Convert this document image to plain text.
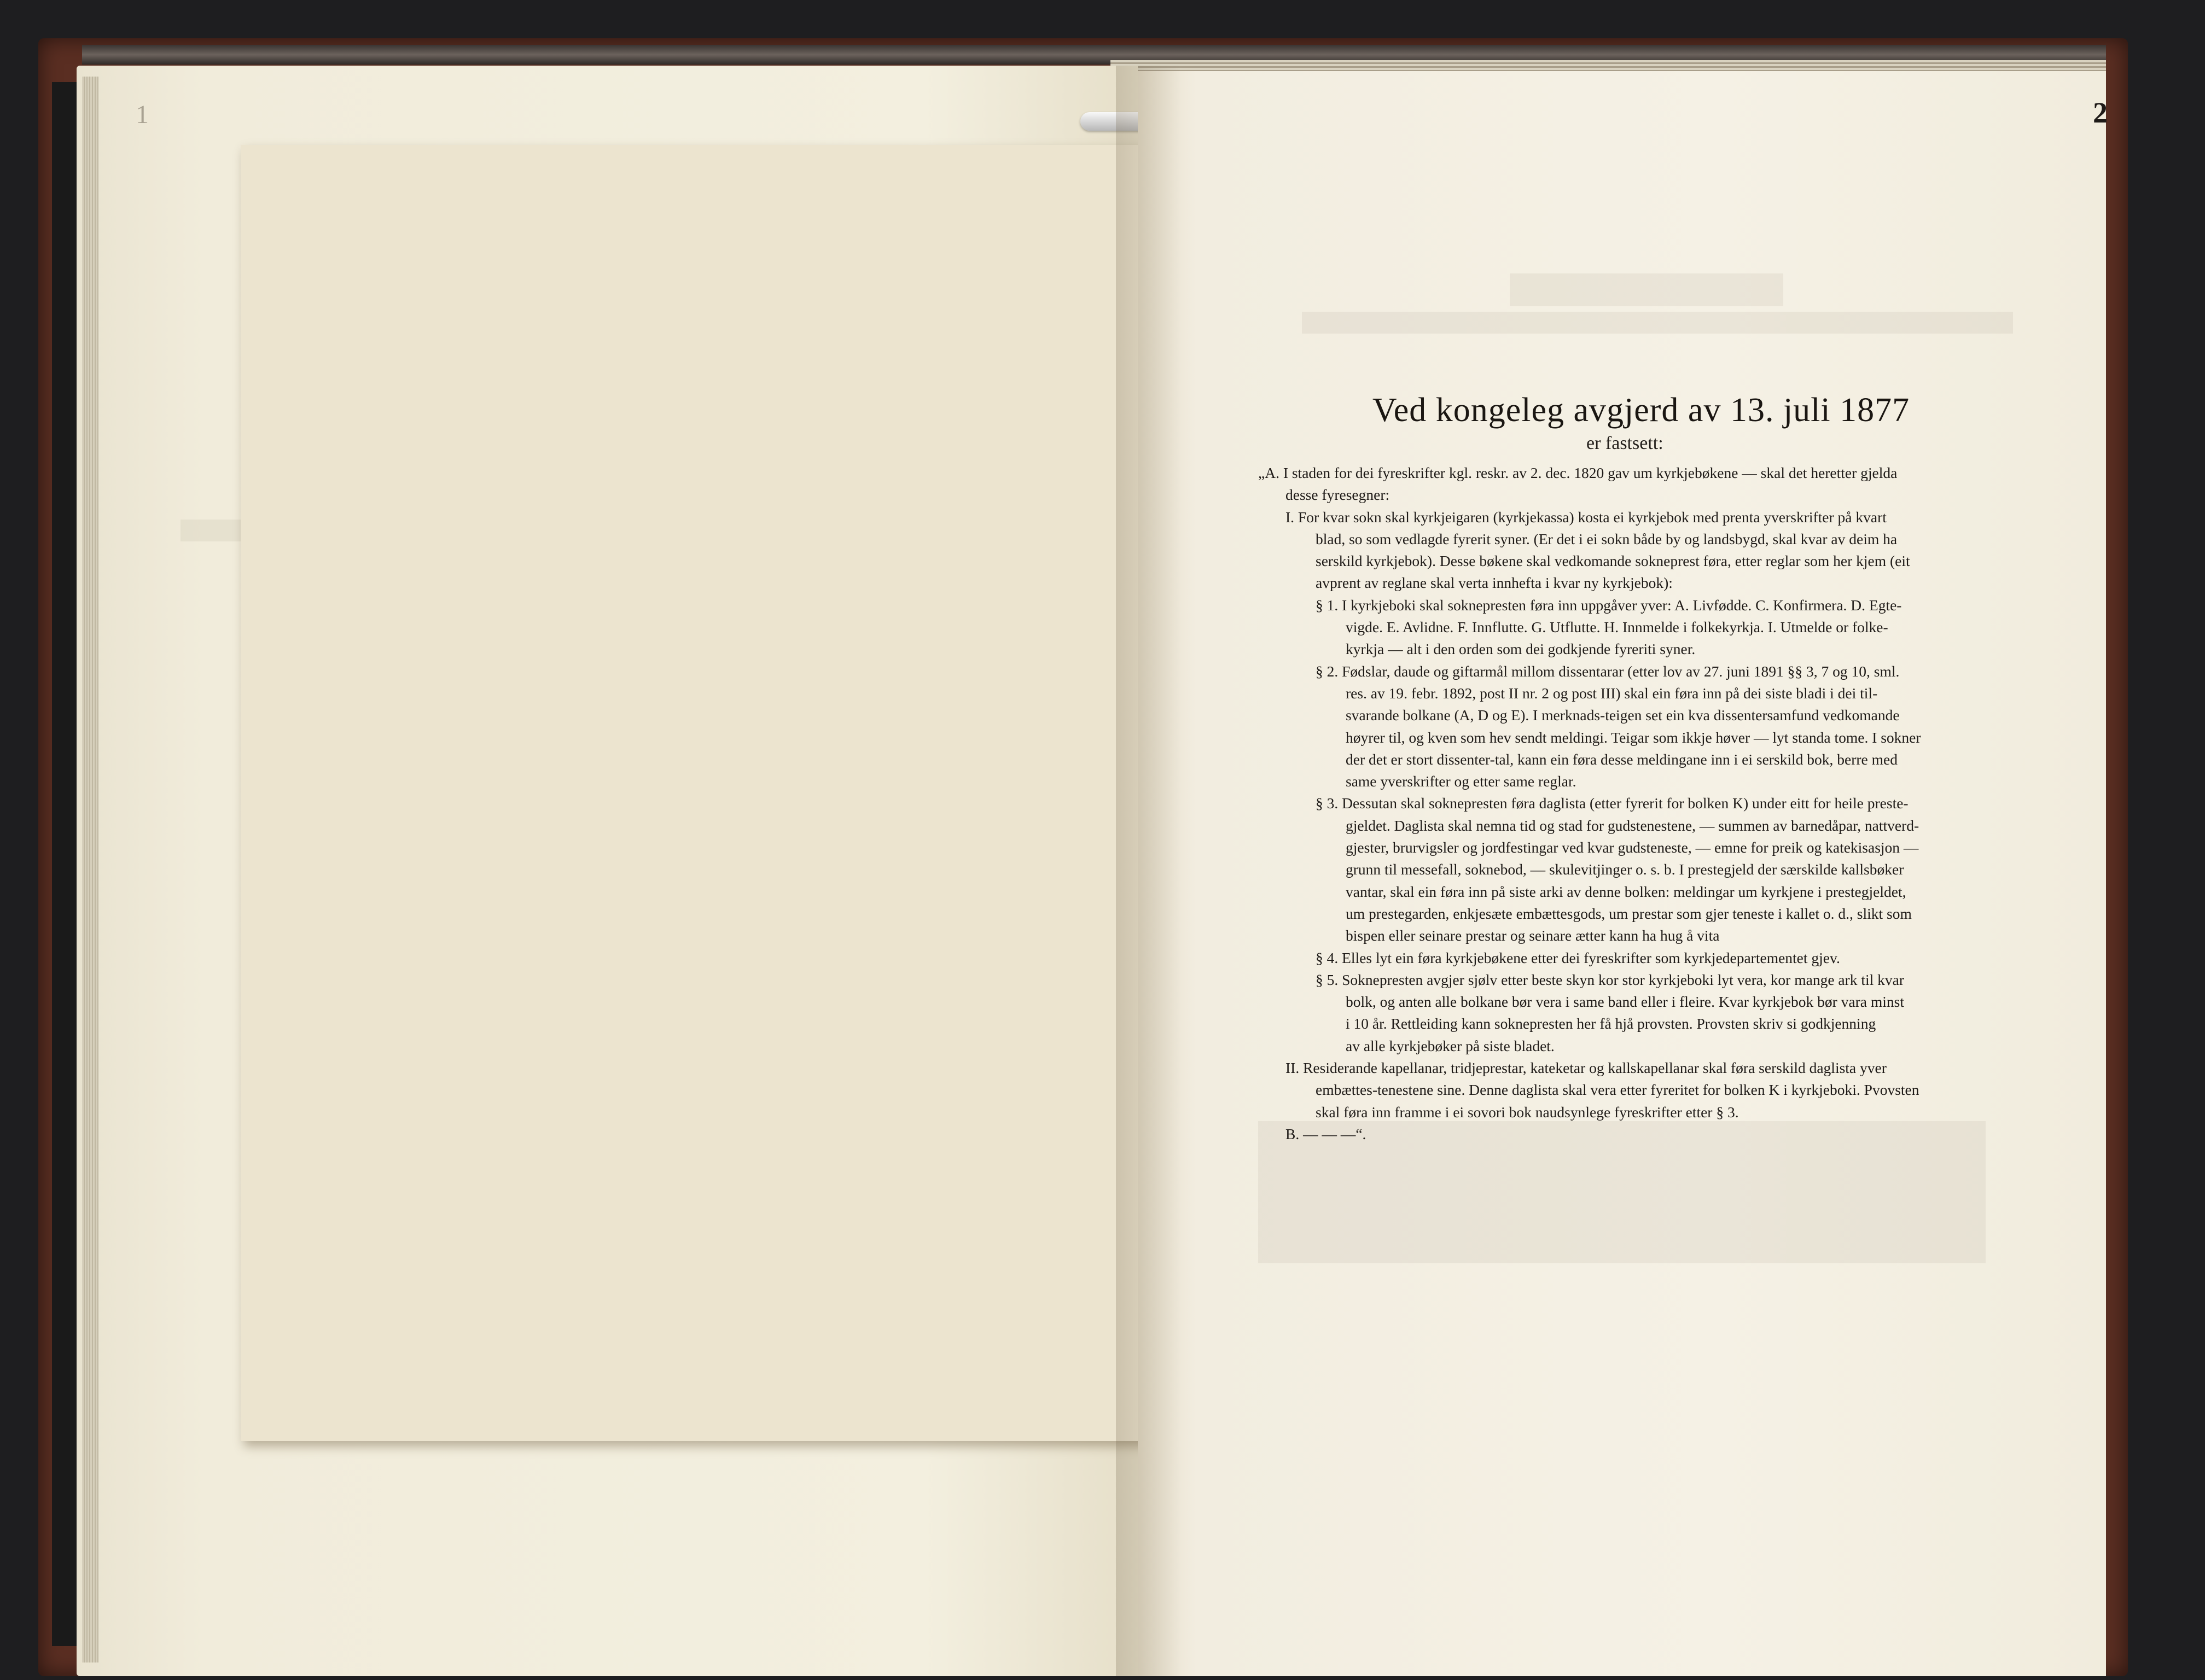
1	2
Ved kongeleg avgjerd av 13. juli 1877
er fastsett:
„A. I staden for dei fyreskrifter kgl. reskr. av 2. dec. 1820 gav um kyrkjebøkene — skal det heretter gjelda
desse fyresegner:
I. For kvar sokn skal kyrkjeigaren (kyrkjekassa) kosta ei kyrkjebok med prenta yverskrifter på kvart
blad, so som vedlagde fyrerit syner. (Er det i ei sokn både by og landsbygd, skal kvar av deim ha
serskild kyrkjebok). Desse bøkene skal vedkomande sokneprest føra, etter reglar som her kjem (eit
avprent av reglane skal verta innhefta i kvar ny kyrkjebok):
§ 1. I kyrkjeboki skal soknepresten føra inn uppgåver yver: A. Livfødde. C. Konfirmera. D. Egte-
vigde. E. Avlidne. F. Innflutte. G. Utflutte. H. Innmelde i folkekyrkja. I. Utmelde or folke-
kyrkja — alt i den orden som dei godkjende fyreriti syner.
§ 2. Fødslar, daude og giftarmål millom dissentarar (etter lov av 27. juni 1891 §§ 3, 7 og 10, sml.
res. av 19. febr. 1892, post II nr. 2 og post III) skal ein føra inn på dei siste bladi i dei til-
svarande bolkane (A, D og E). I merknads-teigen set ein kva dissentersamfund vedkomande
høyrer til, og kven som hev sendt meldingi. Teigar som ikkje høver — lyt standa tome. I sokner
der det er stort dissenter-tal, kann ein føra desse meldingane inn i ei serskild bok, berre med
same yverskrifter og etter same reglar.
§ 3. Dessutan skal soknepresten føra daglista (etter fyrerit for bolken K) under eitt for heile preste-
gjeldet. Daglista skal nemna tid og stad for gudstenestene, — summen av barnedåpar, nattverd-
gjester, brurvigsler og jordfestingar ved kvar gudsteneste, — emne for preik og katekisasjon —
grunn til messefall, soknebod, — skulevitjinger o. s. b. I prestegjeld der særskilde kallsbøker
vantar, skal ein føra inn på siste arki av denne bolken: meldingar um kyrkjene i prestegjeldet,
um prestegarden, enkjesæte embættesgods, um prestar som gjer teneste i kallet o. d., slikt som
bispen eller seinare prestar og seinare ætter kann ha hug å vita
§ 4. Elles lyt ein føra kyrkjebøkene etter dei fyreskrifter som kyrkjedepartementet gjev.
§ 5. Soknepresten avgjer sjølv etter beste skyn kor stor kyrkjeboki lyt vera, kor mange ark til kvar
bolk, og anten alle bolkane bør vera i same band eller i fleire. Kvar kyrkjebok bør vara minst
i 10 år. Rettleiding kann soknepresten her få hjå provsten. Provsten skriv si godkjenning
av alle kyrkjebøker på siste bladet.
II. Residerande kapellanar, tridjeprestar, kateketar og kallskapellanar skal føra serskild daglista yver
embættes-tenestene sine. Denne daglista skal vera etter fyreritet for bolken K i kyrkjeboki. Pvovsten
skal føra inn framme i ei sovori bok naudsynlege fyreskrifter etter § 3.
B. — — —“.
